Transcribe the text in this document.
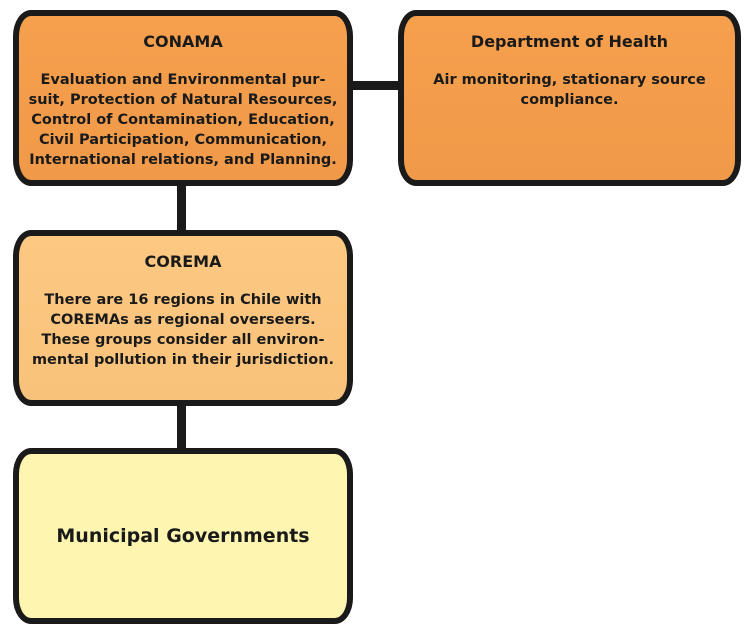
CONAMA
Evaluation and Environmental pur-
suit, Protection of Natural Resources,
Control of Contamination, Education,
Civil Participation, Communication,
International relations, and Planning.
Department of Health
Air monitoring, stationary source
compliance.
COREMA
There are 16 regions in Chile with
COREMAs as regional overseers.
These groups consider all environ-
mental pollution in their jurisdiction.
Municipal Governments
